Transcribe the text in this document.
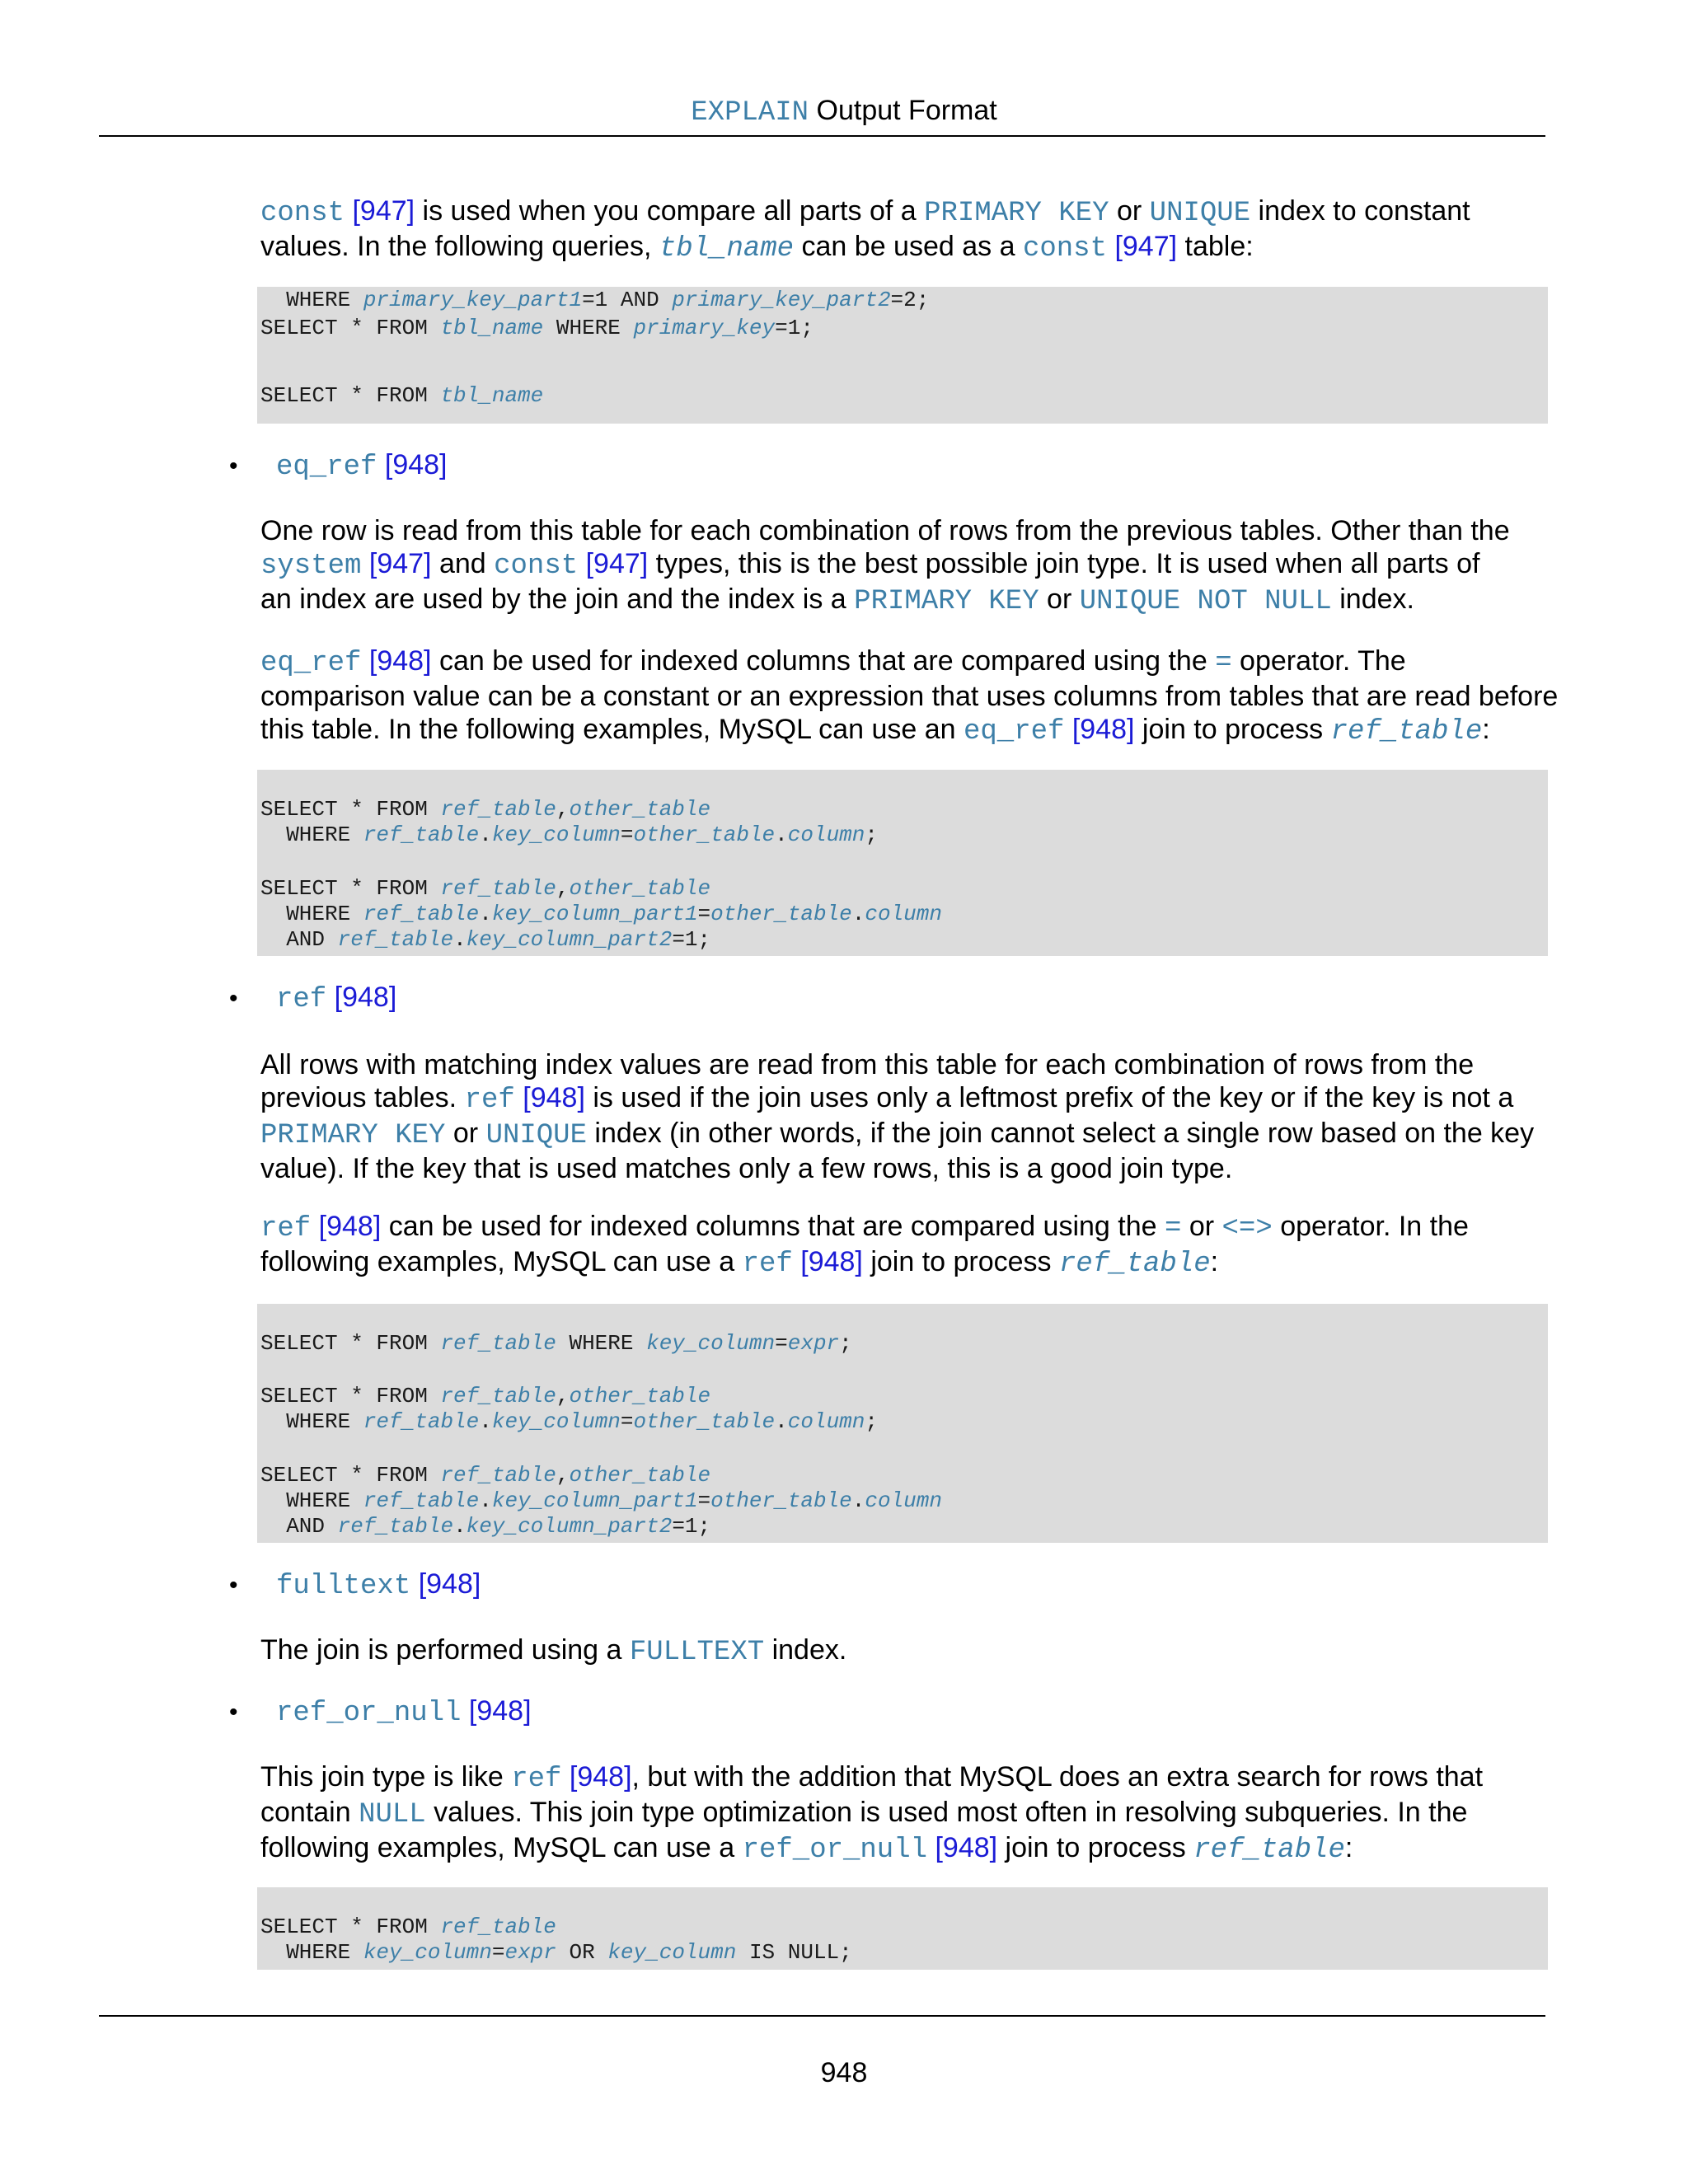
EXPLAIN Output Format
const [947] is used when you compare all parts of a PRIMARY KEY or UNIQUE index to constant
values. In the following queries, tbl_name can be used as a const [947] table:
SELECT * FROM tbl_name WHERE primary_key=1;
SELECT * FROM tbl_name
WHERE primary_key_part1=1 AND primary_key_part2=2;
• eq_ref [948]
One row is read from this table for each combination of rows from the previous tables. Other than the
system [947] and const [947] types, this is the best possible join type. It is used when all parts of
an index are used by the join and the index is a PRIMARY KEY or UNIQUE NOT NULL index.
eq_ref [948] can be used for indexed columns that are compared using the = operator. The
comparison value can be a constant or an expression that uses columns from tables that are read before
this table. In the following examples, MySQL can use an eq_ref [948] join to process ref_table:
SELECT * FROM ref_table,other_table
WHERE ref_table.key_column=other_table.column;
SELECT * FROM ref_table,other_table
WHERE ref_table.key_column_part1=other_table.column
AND ref_table.key_column_part2=1;
• ref [948]
All rows with matching index values are read from this table for each combination of rows from the
previous tables. ref [948] is used if the join uses only a leftmost prefix of the key or if the key is not a
PRIMARY KEY or UNIQUE index (in other words, if the join cannot select a single row based on the key
value). If the key that is used matches only a few rows, this is a good join type.
ref [948] can be used for indexed columns that are compared using the = or <=> operator. In the
following examples, MySQL can use a ref [948] join to process ref_table:
SELECT * FROM ref_table WHERE key_column=expr;
SELECT * FROM ref_table,other_table
WHERE ref_table.key_column=other_table.column;
SELECT * FROM ref_table,other_table
WHERE ref_table.key_column_part1=other_table.column
AND ref_table.key_column_part2=1;
• fulltext [948]
The join is performed using a FULLTEXT index.
• ref_or_null [948]
This join type is like ref [948], but with the addition that MySQL does an extra search for rows that
contain NULL values. This join type optimization is used most often in resolving subqueries. In the
following examples, MySQL can use a ref_or_null [948] join to process ref_table:
SELECT * FROM ref_table
WHERE key_column=expr OR key_column IS NULL;
948
